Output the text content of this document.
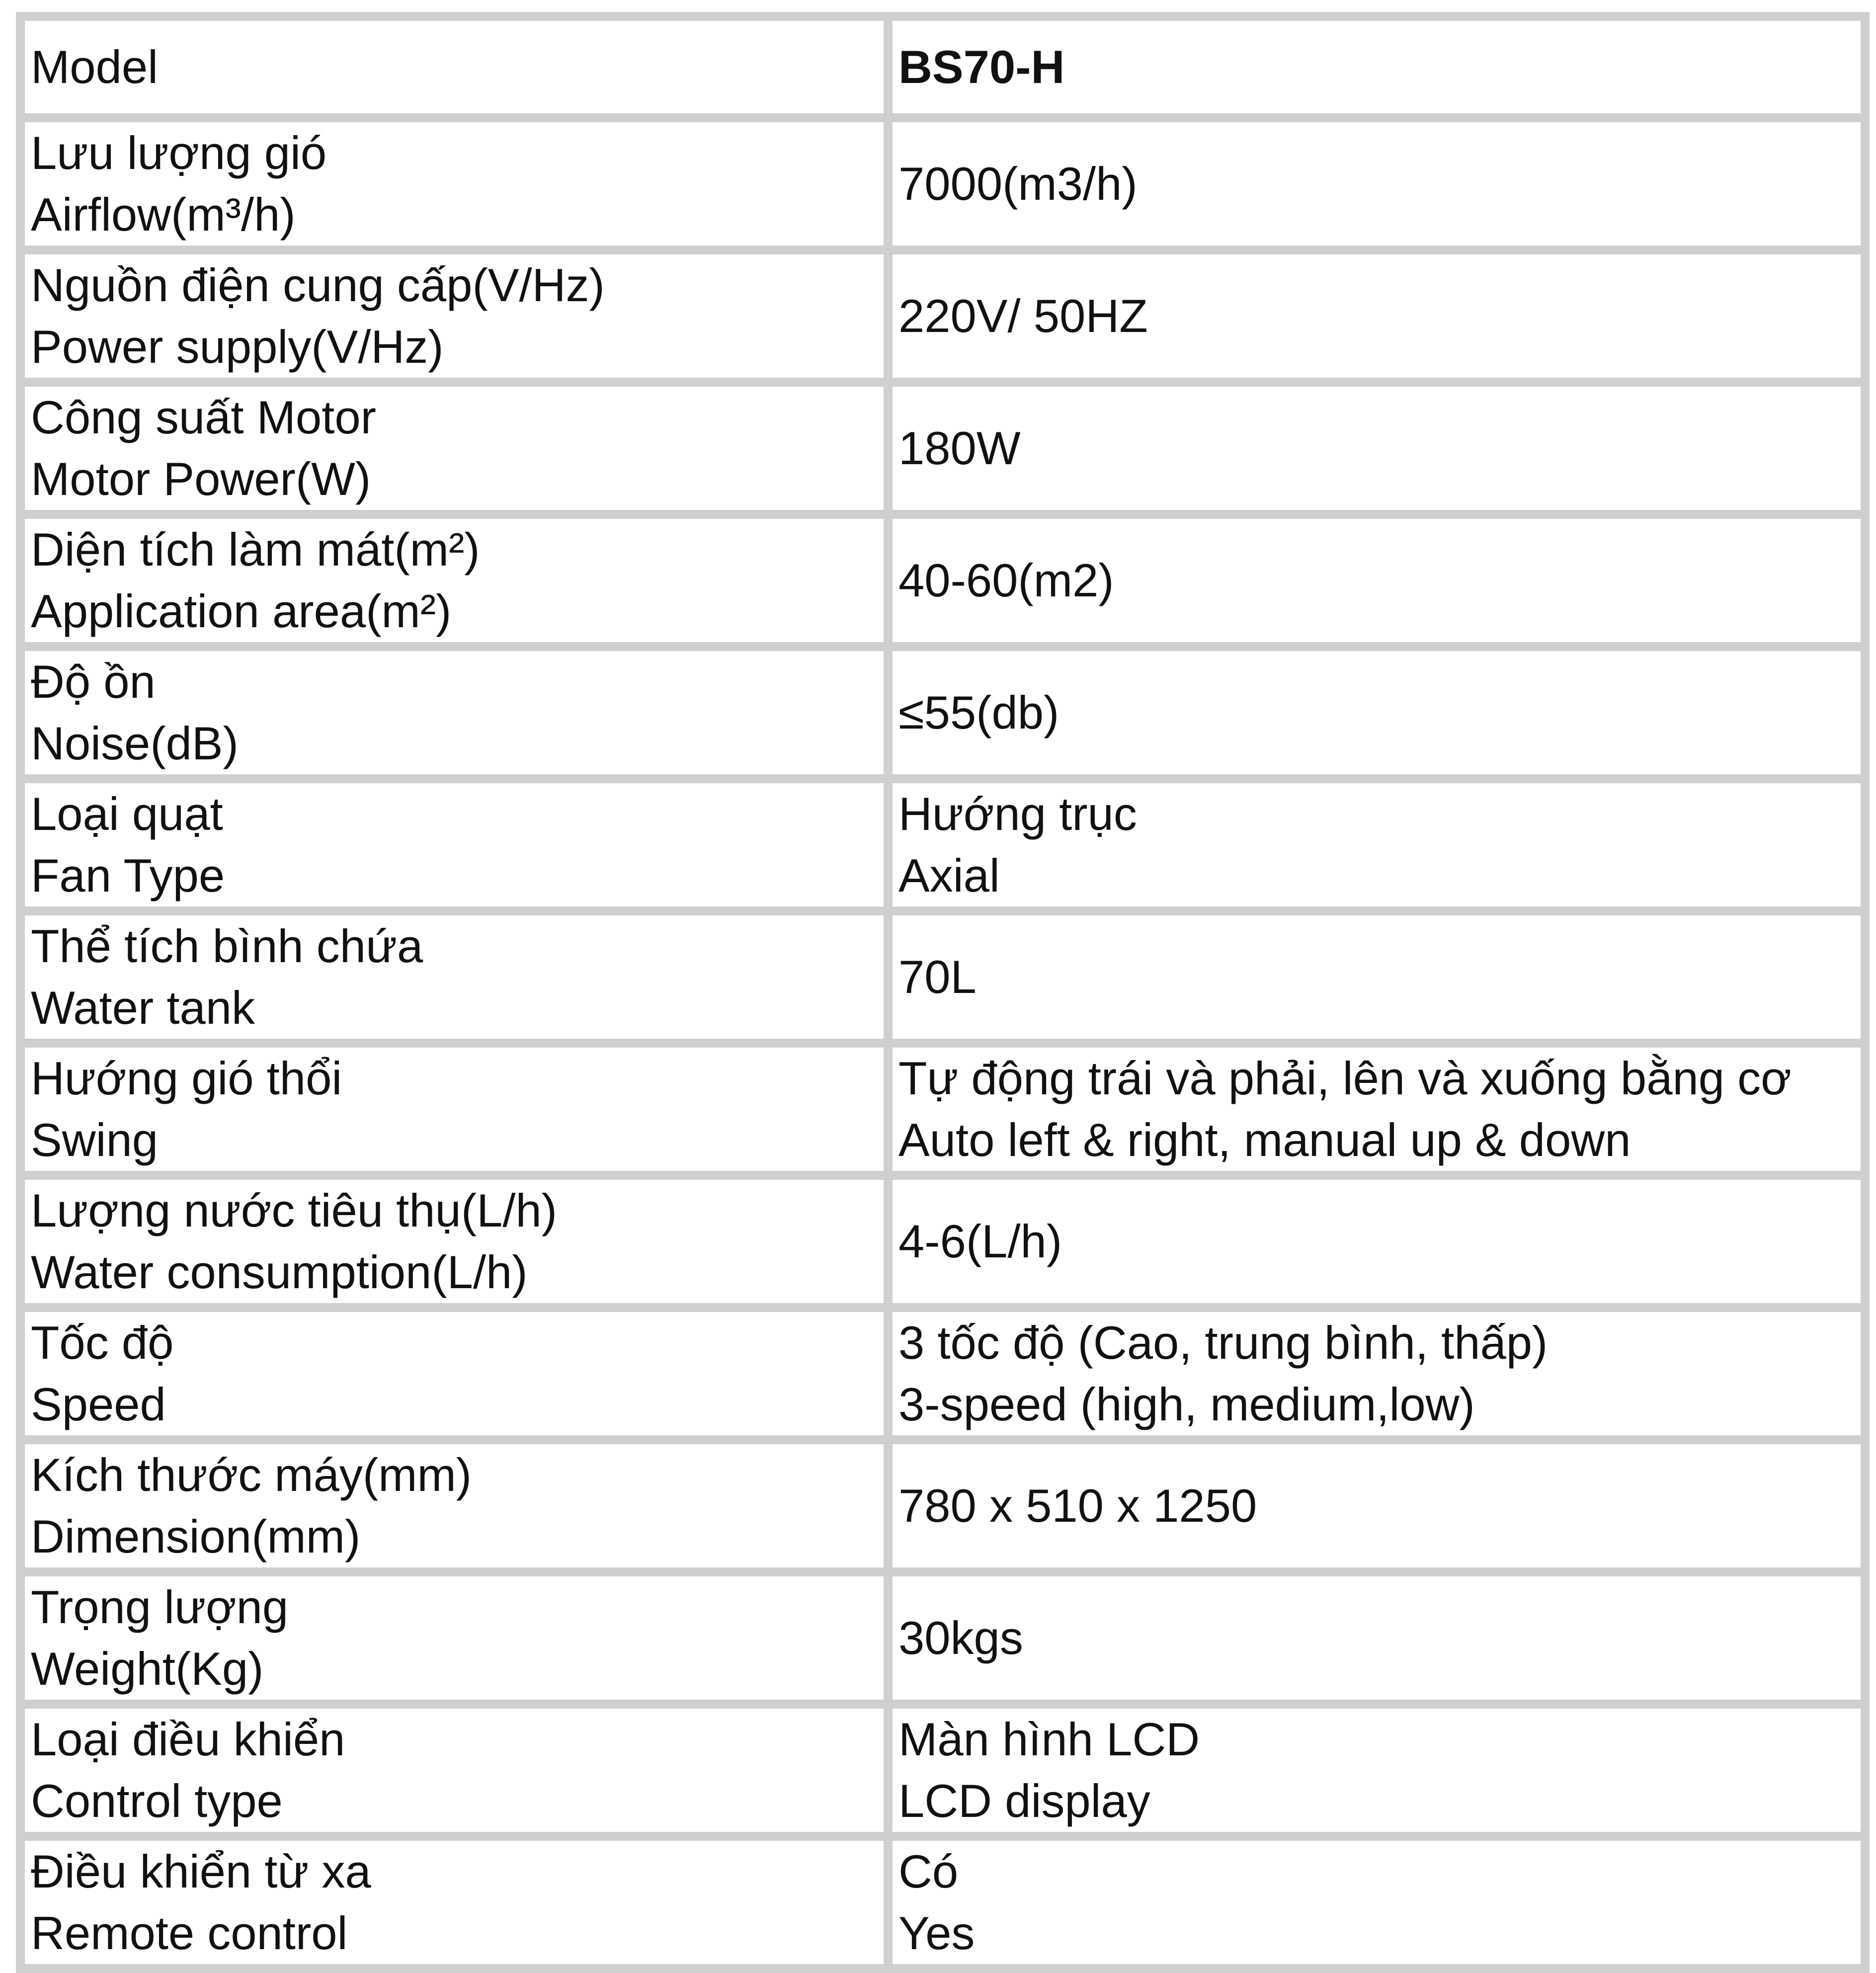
Model	BS70-H

Lưu lượng gió
Airflow(m³/h)	7000(m3/h)

Nguồn điện cung cấp(V/Hz)
Power supply(V/Hz)	220V/ 50HZ

Công suất Motor
Motor Power(W)	180W

Diện tích làm mát(m²)
Application area(m²)	40-60(m2)

Độ ồn
Noise(dB)	≤55(db)

Loại quạt
Fan Type	Hướng trục
Axial

Thể tích bình chứa
Water tank	70L

Hướng gió thổi
Swing	Tự động trái và phải, lên và xuống bằng cơ
Auto left & right, manual up & down

Lượng nước tiêu thụ(L/h)
Water consumption(L/h)	4-6(L/h)

Tốc độ
Speed	3 tốc độ (Cao, trung bình, thấp)
3-speed (high, medium,low)

Kích thước máy(mm)
Dimension(mm)	780 x 510 x 1250

Trọng lượng
Weight(Kg)	30kgs

Loại điều khiển
Control type	Màn hình LCD
LCD display

Điều khiển từ xa
Remote control	Có
Yes
